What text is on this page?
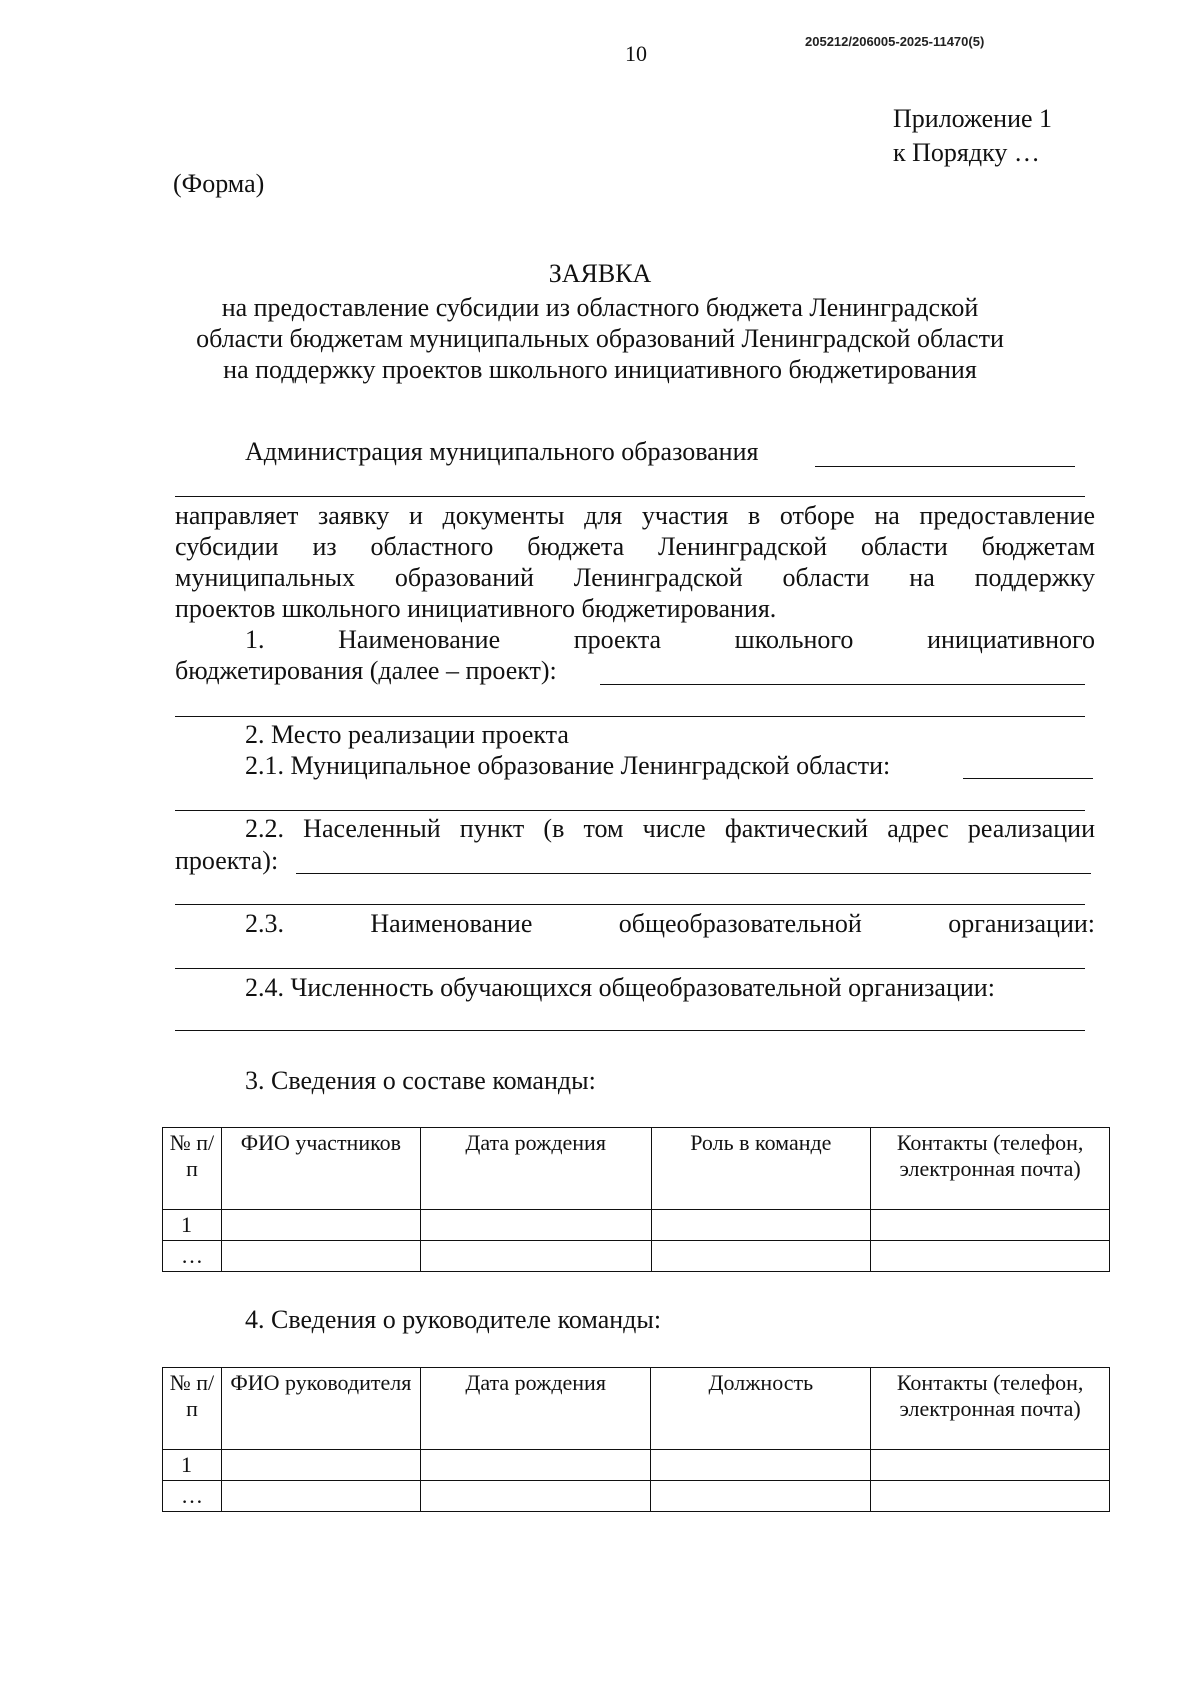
10	205212/206005-2025-11470(5)
Приложение 1
к Порядку …
(Форма)
ЗАЯВКА
на предоставление субсидии из областного бюджета Ленинградской
области бюджетам муниципальных образований Ленинградской области
на поддержку проектов школьного инициативного бюджетирования
Администрация муниципального образования
направляет заявку и документы для участия в отборе на предоставление
субсидии из областного бюджета Ленинградской области бюджетам
муниципальных образований Ленинградской области на поддержку
проектов школьного инициативного бюджетирования.
1. Наименование проекта школьного инициативного
бюджетирования (далее – проект):
2. Место реализации проекта
2.1. Муниципальное образование Ленинградской области:
2.2. Населенный пункт (в том числе фактический адрес реализации
проекта):
2.3. Наименование общеобразовательной организации:
2.4. Численность обучающихся общеобразовательной организации:
3. Сведения о составе команды:
№ п/п	ФИО участников	Дата рождения	Роль в команде	Контакты (телефон, электронная почта)
1				
…				
4. Сведения о руководителе команды:
№ п/п	ФИО руководителя	Дата рождения	Должность	Контакты (телефон, электронная почта)
1				
…				
